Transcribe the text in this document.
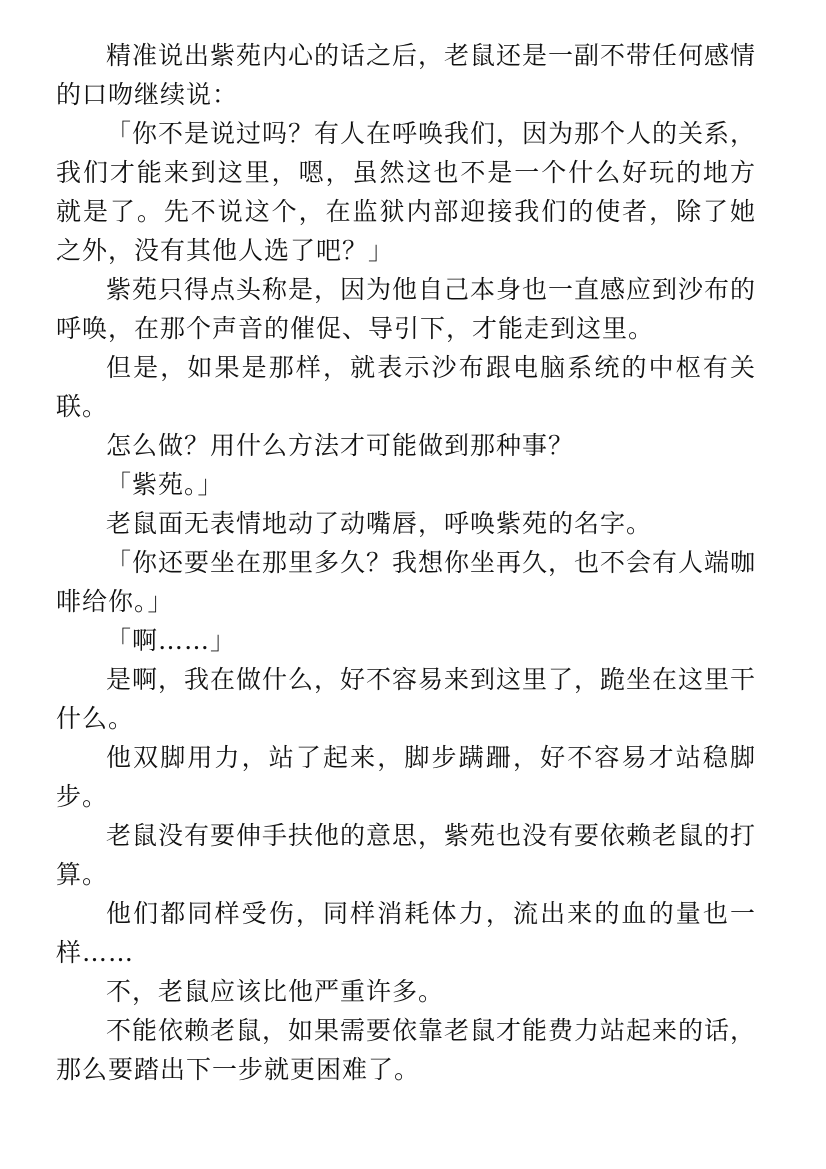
精准说出紫苑内心的话之后，老鼠还是一副不带任何感情的口吻继续说：

「你不是说过吗？有人在呼唤我们，因为那个人的关系，我们才能来到这里，嗯，虽然这也不是一个什么好玩的地方就是了。先不说这个，在监狱内部迎接我们的使者，除了她之外，没有其他人选了吧？」

紫苑只得点头称是，因为他自己本身也一直感应到沙布的呼唤，在那个声音的催促、导引下，才能走到这里。

但是，如果是那样，就表示沙布跟电脑系统的中枢有关联。

怎么做？用什么方法才可能做到那种事？

「紫苑。」

老鼠面无表情地动了动嘴唇，呼唤紫苑的名字。

「你还要坐在那里多久？我想你坐再久，也不会有人端咖啡给你。」

「啊……」

是啊，我在做什么，好不容易来到这里了，跪坐在这里干什么。

他双脚用力，站了起来，脚步蹒跚，好不容易才站稳脚步。

老鼠没有要伸手扶他的意思，紫苑也没有要依赖老鼠的打算。

他们都同样受伤，同样消耗体力，流出来的血的量也一样……

不，老鼠应该比他严重许多。

不能依赖老鼠，如果需要依靠老鼠才能费力站起来的话，那么要踏出下一步就更困难了。
